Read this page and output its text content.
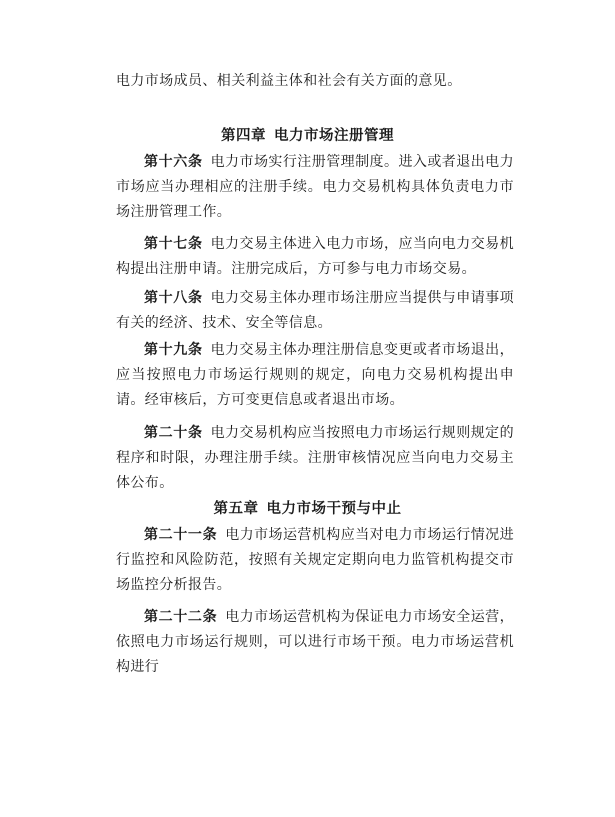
电力市场成员、相关利益主体和社会有关方面的意见。
第四章 电力市场注册管理
第十六条 电力市场实行注册管理制度。进入或者退出电力市场应当办理相应的注册手续。电力交易机构具体负责电力市场注册管理工作。
第十七条 电力交易主体进入电力市场，应当向电力交易机构提出注册申请。注册完成后，方可参与电力市场交易。
第十八条 电力交易主体办理市场注册应当提供与申请事项有关的经济、技术、安全等信息。
第十九条 电力交易主体办理注册信息变更或者市场退出，应当按照电力市场运行规则的规定，向电力交易机构提出申请。经审核后，方可变更信息或者退出市场。
第二十条 电力交易机构应当按照电力市场运行规则规定的程序和时限，办理注册手续。注册审核情况应当向电力交易主体公布。
第五章 电力市场干预与中止
第二十一条 电力市场运营机构应当对电力市场运行情况进行监控和风险防范，按照有关规定定期向电力监管机构提交市场监控分析报告。
第二十二条 电力市场运营机构为保证电力市场安全运营，依照电力市场运行规则，可以进行市场干预。电力市场运营机构进行
